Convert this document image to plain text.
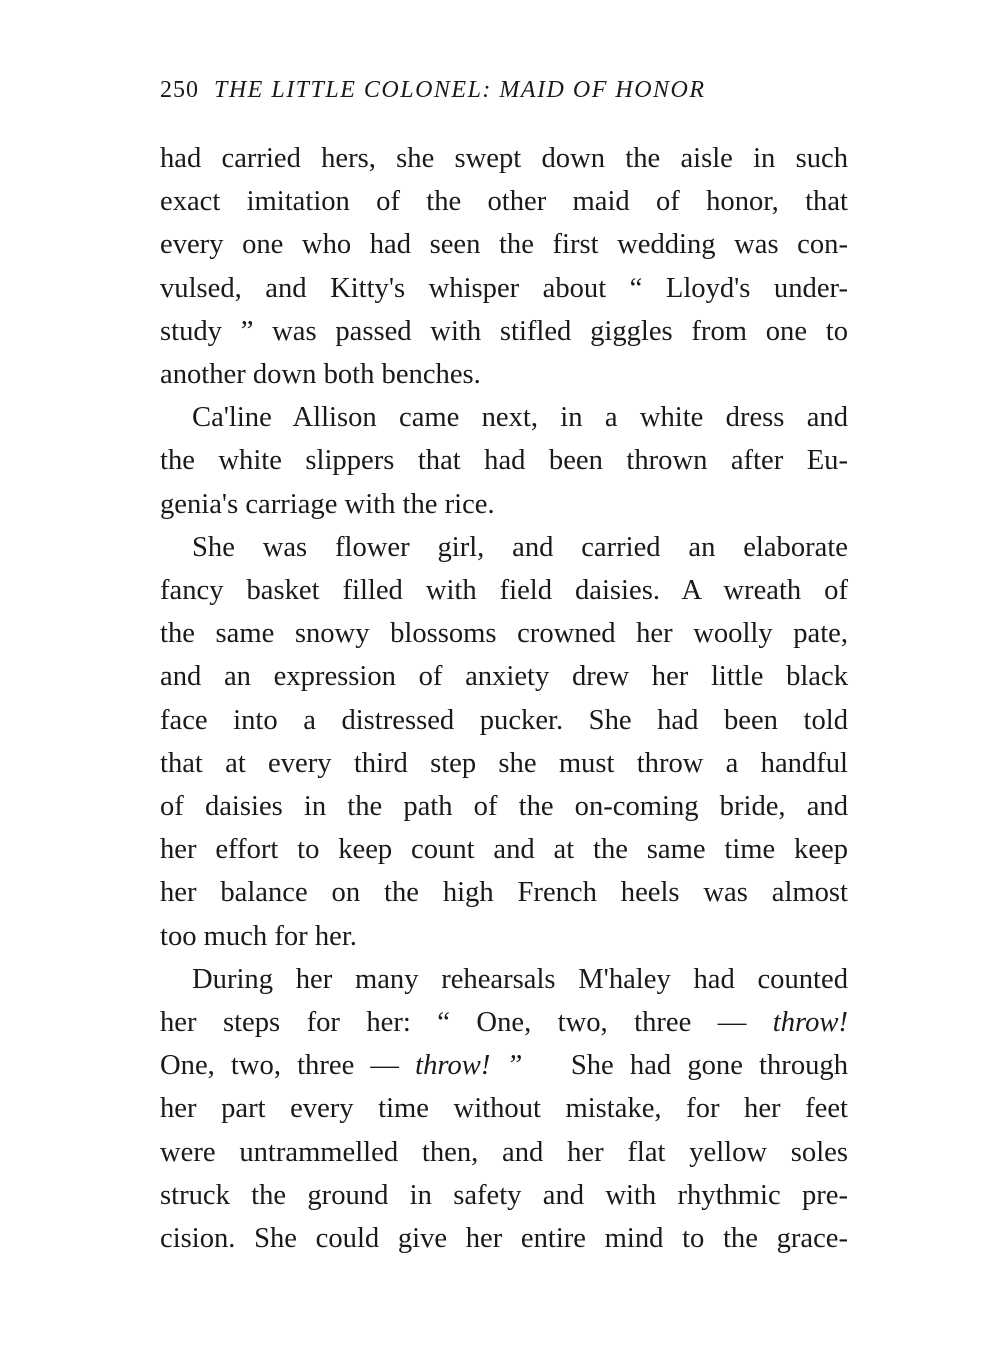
250 THE LITTLE COLONEL: MAID OF HONOR

had carried hers, she swept down the aisle in such
exact imitation of the other maid of honor, that
every one who had seen the first wedding was con-
vulsed, and Kitty's whisper about “ Lloyd's under-
study ” was passed with stifled giggles from one to
another down both benches.

Ca'line Allison came next, in a white dress and
the white slippers that had been thrown after Eu-
genia's carriage with the rice.

She was flower girl, and carried an elaborate
fancy basket filled with field daisies. A wreath of
the same snowy blossoms crowned her woolly pate,
and an expression of anxiety drew her little black
face into a distressed pucker. She had been told
that at every third step she must throw a handful
of daisies in the path of the on-coming bride, and
her effort to keep count and at the same time keep
her balance on the high French heels was almost
too much for her.

During her many rehearsals M'haley had counted
her steps for her: “ One, two, three — throw!
One, two, three — throw! ” She had gone through
her part every time without mistake, for her feet
were untrammelled then, and her flat yellow soles
struck the ground in safety and with rhythmic pre-
cision. She could give her entire mind to the grace-
